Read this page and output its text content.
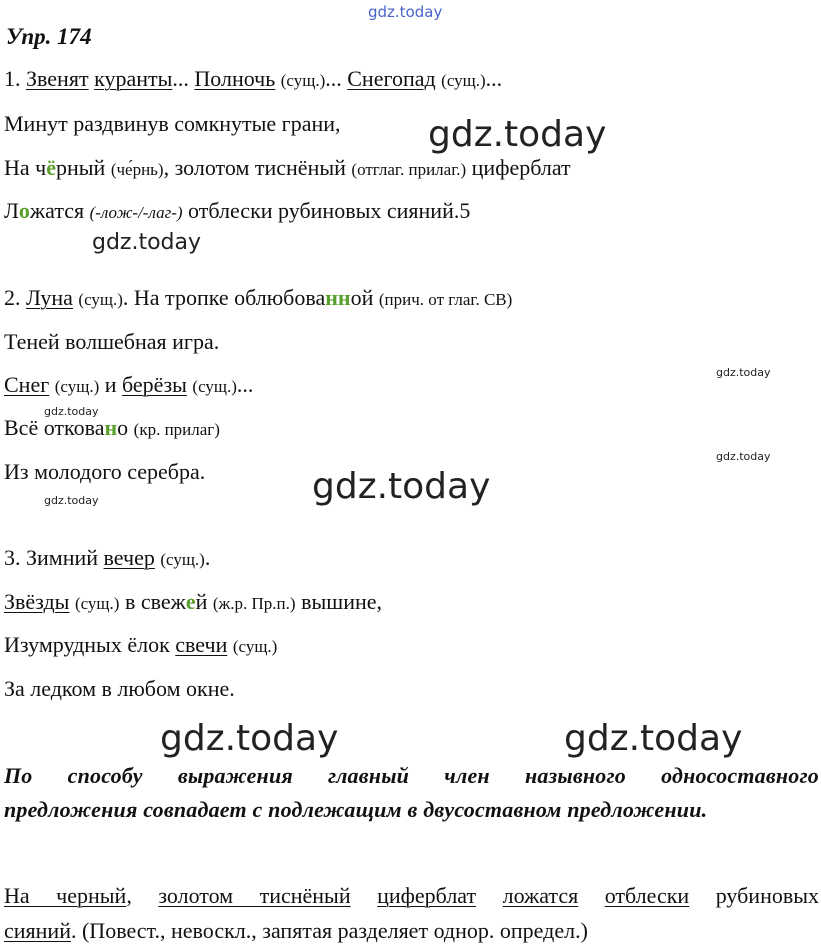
gdz.today
gdz.today
gdz.today
gdz.today
gdz.today
gdz.today
gdz.today	gdz.today
gdz.today	gdz.today
Упр. 174
1. Звенят куранты... Полночь (сущ.)... Снегопад (сущ.)...
Минут раздвинув сомкнутые грани,
На чёрный (че́рнь), золотом тиснёный (отглаг. прилаг.) циферблат
Ложатся (-лож-/-лаг-) отблески рубиновых сияний.5
2. Луна (сущ.). На тропке облюбованной (прич. от глаг. СВ)
Теней волшебная игра.
Снег (сущ.) и берёзы (сущ.)...
Всё отковано (кр. прилаг)
Из молодого серебра.
3. Зимний вечер (сущ.).
Звёзды (сущ.) в свежей (ж.р. Пр.п.) вышине,
Изумрудных ёлок свечи (сущ.)
За ледком в любом окне.
По способу выражения главный член назывного односоставного
предложения совпадает с подлежащим в двусоставном предложении.
На черный, золотом тиснёный циферблат ложатся отблески рубиновых
сияний. (Повест., невоскл., запятая разделяет однор. определ.)
